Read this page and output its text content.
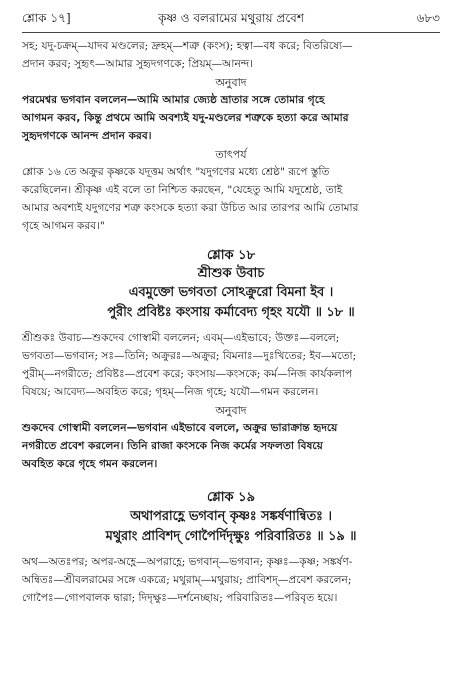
শ্লোক ১৭]	কৃষ্ণ ও বলরামের মথুরায় প্রবেশ	৬৮৩

সহ; যদু-চক্রম্—যাদব মণ্ডলের; দ্রুহম্—শত্রু (কংস); হত্বা—বধ করে; বিতরিষ্যে—

প্রদান করব; সুহৃৎ—আমার সুহৃদগণকে; প্রিয়ম্—আনন্দ।

অনুবাদ

পরমেশ্বর ভগবান বললেন—আমি আমার জ্যেষ্ঠ ভ্রাতার সঙ্গে তোমার গৃহে

আগমন করব, কিন্তু প্রথমে আমি অবশ্যই যদু-মণ্ডলের শত্রুকে হত্যা করে আমার

সুহৃদগণকে আনন্দ প্রদান করব।

তাৎপর্য

শ্লোক ১৬ তে অক্রুর কৃষ্ণকে যদূত্তম অর্থাৎ "যদুগণের মধ্যে শ্রেষ্ঠ" রূপে স্তুতি

করেছিলেন। শ্রীকৃষ্ণ এই বলে তা নিশ্চিত করছেন, "যেহেতু আমি যদুশ্রেষ্ঠ, তাই

আমার অবশ্যই যদুগণের শত্রু কংসকে হত্যা করা উচিত আর তারপর আমি তোমার

গৃহে আগমন করব।"

শ্লোক ১৮

শ্রীশুক উবাচ

এবমুক্তো ভগবতা সোঽক্রুরো বিমনা ইব ।

পুরীং প্রবিষ্টঃ কংসায় কর্মাবেদ্য গৃহং যযৌ ॥ ১৮ ॥

শ্রীশুকঃ উবাচ—শুকদেব গোস্বামী বললেন; এবম্—এইভাবে; উক্তঃ—বললে;

ভগবতা—ভগবান; সঃ—তিনি; অক্রুরঃ—অক্রুর; বিমনাঃ—দুঃখিতের; ইব—মতো;

পুরীম্—নগরীতে; প্রবিষ্টঃ—প্রবেশ করে; কংসায়—কংসকে; কর্ম—নিজ কার্যকলাপ

বিষয়ে; আবেদ্য—অবহিত করে; গৃহম্—নিজ গৃহে; যযৌ—গমন করলেন।

অনুবাদ

শুকদেব গোস্বামী বললেন—ভগবান এইভাবে বললে, অক্রুর ভারাক্রান্ত হৃদয়ে

নগরীতে প্রবেশ করলেন। তিনি রাজা কংসকে নিজ কর্মের সফলতা বিষয়ে

অবহিত করে গৃহে গমন করলেন।

শ্লোক ১৯

অথাপরাহ্ণে ভগবান্ কৃষ্ণঃ সঙ্কর্ষণান্বিতঃ ।

মথুরাং প্রাবিশদ্ গোপৈর্দিদৃক্ষুঃ পরিবারিতঃ ॥ ১৯ ॥

অথ—অতঃপর; অপর-অহ্ণে—অপরাহ্ণে; ভগবান্—ভগবান; কৃষ্ণঃ—কৃষ্ণ; সঙ্কর্ষণ-

অন্বিতঃ—শ্রীবলরামের সঙ্গে একত্রে; মথুরাম্—মথুরায়; প্রাবিশদ্—প্রবেশ করলেন;

গোপৈঃ—গোপবালক দ্বারা; দিদৃক্ষুঃ—দর্শনেচ্ছায়; পরিবারিতঃ—পরিবৃত হয়ে।
